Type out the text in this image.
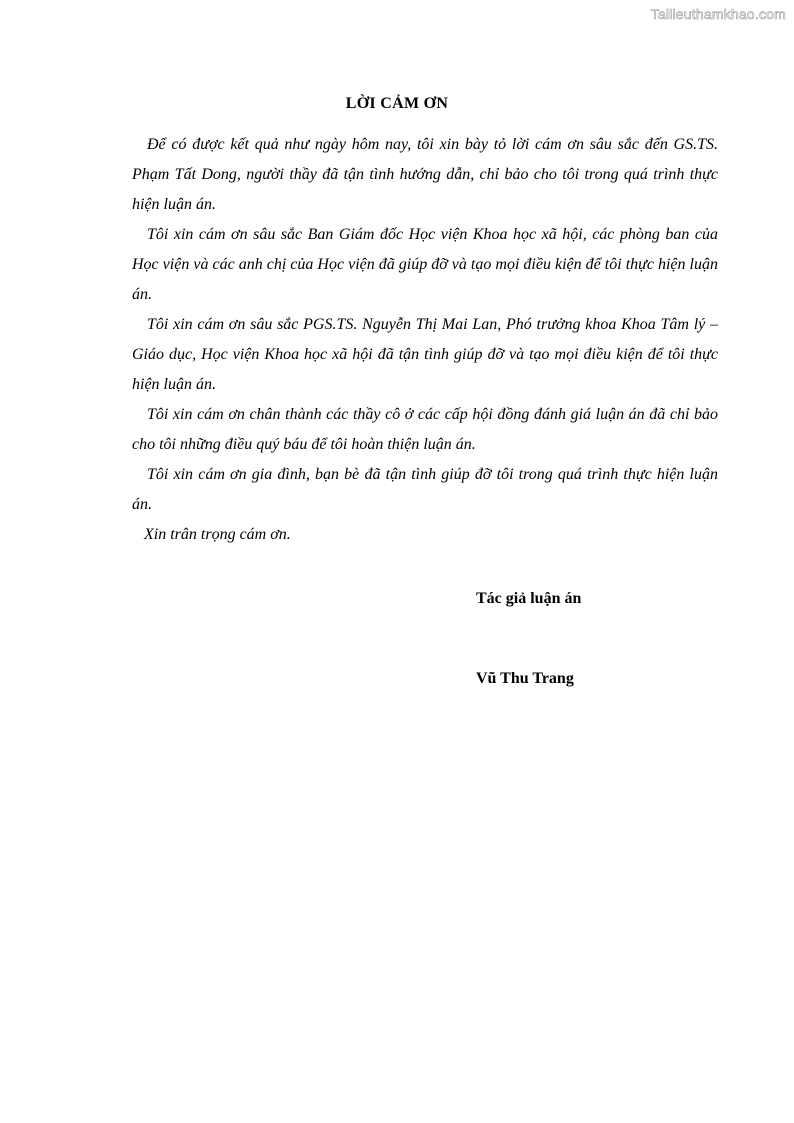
Tailieuthamkhao.com
LỜI CẢM ƠN

Để có được kết quả như ngày hôm nay, tôi xin bày tỏ lời cám ơn sâu sắc đến GS.TS. Phạm Tất Dong, người thầy đã tận tình hướng dẫn, chỉ bảo cho tôi trong quá trình thực hiện luận án.

Tôi xin cám ơn sâu sắc Ban Giám đốc Học viện Khoa học xã hội, các phòng ban của Học viện và các anh chị của Học viện đã giúp đỡ và tạo mọi điều kiện để tôi thực hiện luận án.

Tôi xin cám ơn sâu sắc PGS.TS. Nguyễn Thị Mai Lan, Phó trưởng khoa Khoa Tâm lý – Giáo dục, Học viện Khoa học xã hội đã tận tình giúp đỡ và tạo mọi điều kiện để tôi thực hiện luận án.

Tôi xin cám ơn chân thành các thầy cô ở các cấp hội đồng đánh giá luận án đã chỉ bảo cho tôi những điều quý báu để tôi hoàn thiện luận án.

Tôi xin cám ơn gia đình, bạn bè đã tận tình giúp đỡ tôi trong quá trình thực hiện luận án.

Xin trân trọng cám ơn.

Tác giả luận án
Vũ Thu Trang
